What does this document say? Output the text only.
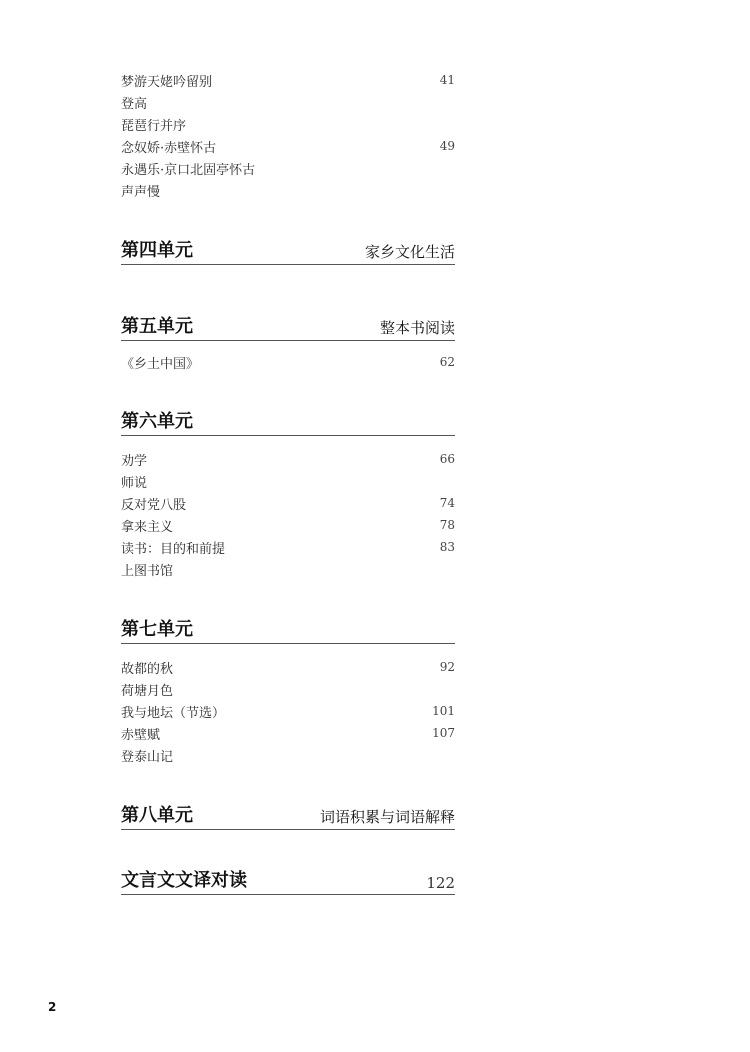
梦游天姥吟留别	41
登高
琵琶行并序
念奴娇·赤壁怀古	49
永遇乐·京口北固亭怀古
声声慢
第四单元	家乡文化生活
第五单元	整本书阅读
《乡土中国》	62
第六单元
劝学	66
师说
反对党八股	74
拿来主义	78
读书：目的和前提	83
上图书馆
第七单元
故都的秋	92
荷塘月色
我与地坛（节选）	101
赤壁赋	107
登泰山记
第八单元	词语积累与词语解释
文言文文译对读	122
2
